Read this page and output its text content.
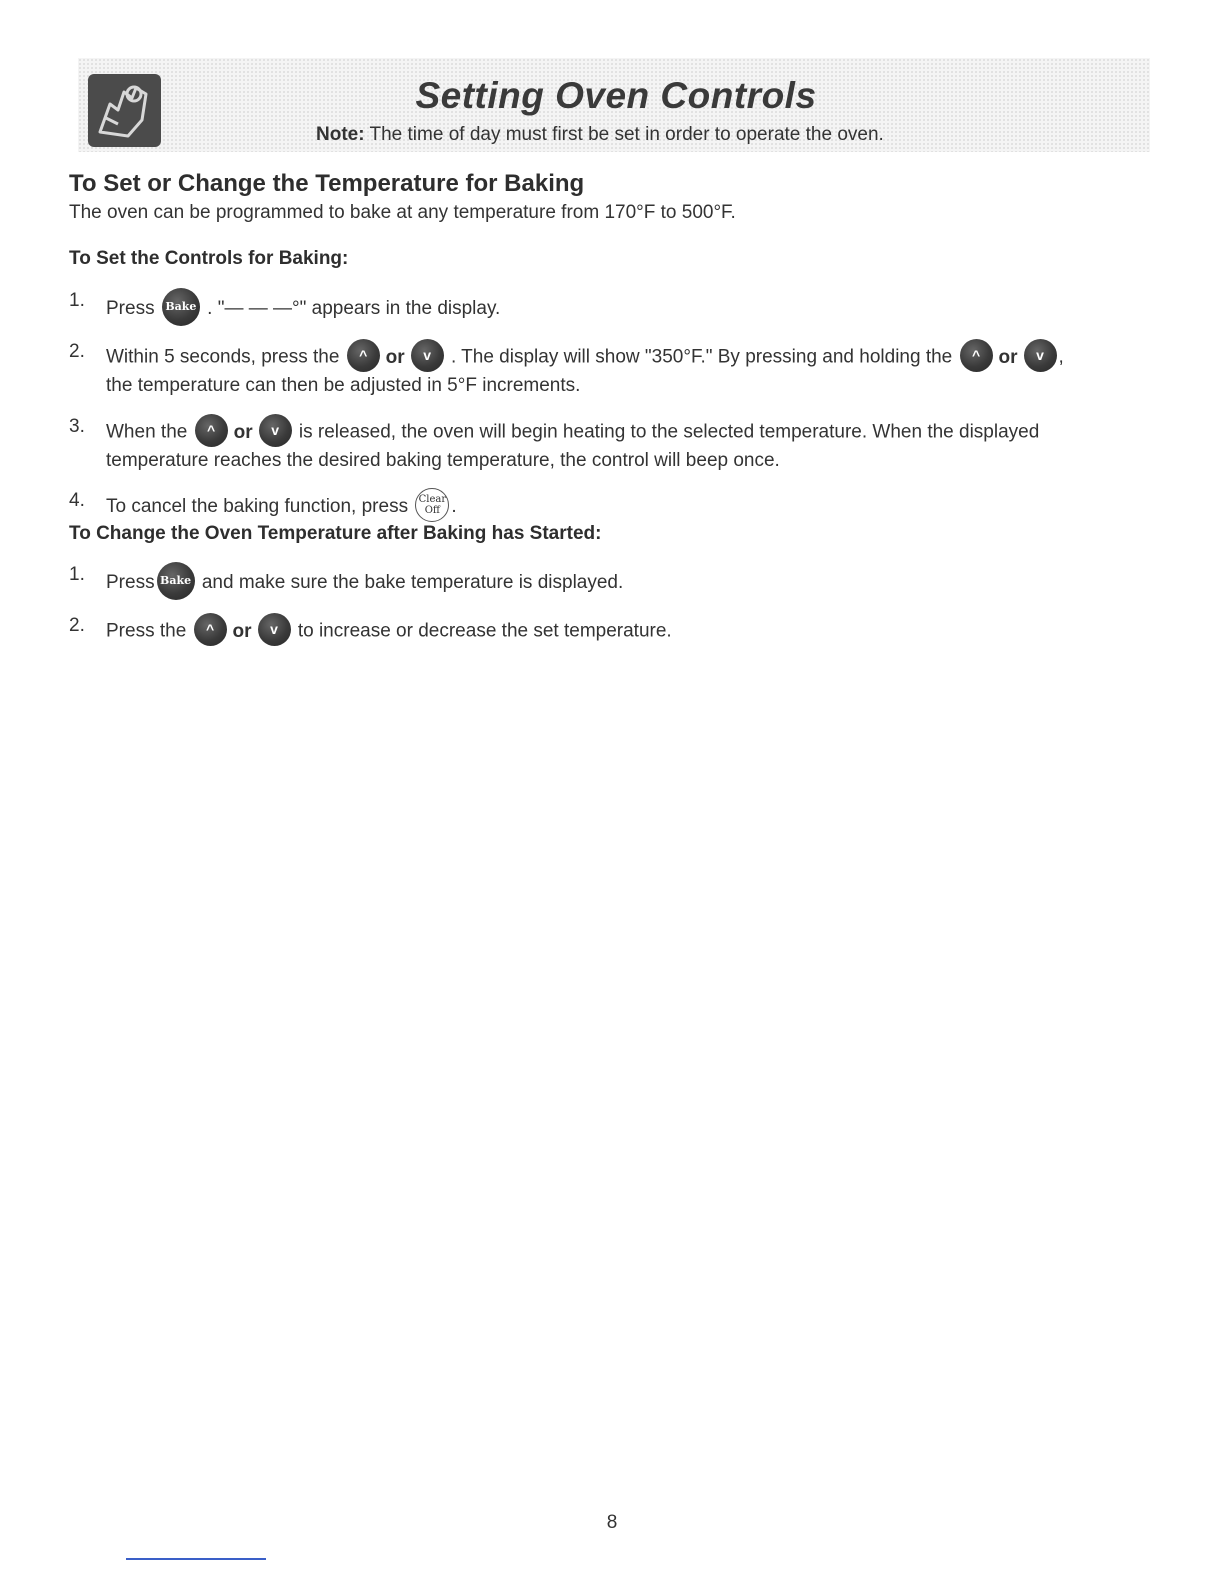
Setting Oven Controls
Note: The time of day must first be set in order to operate the oven.
To Set or Change the Temperature for Baking
The oven can be programmed to bake at any temperature from 170°F to 500°F.
To Set the Controls for Baking:
1. Press Bake . "— — —°" appears in the display.
2. Within 5 seconds, press the ^ or v . The display will show "350°F." By pressing and holding the ^ or v ,
the temperature can then be adjusted in 5°F increments.
3. When the ^ or v is released, the oven will begin heating to the selected temperature. When the displayed
temperature reaches the desired baking temperature, the control will beep once.
4. To cancel the baking function, press Clear
Off .
To Change the Oven Temperature after Baking has Started:
1. Press Bake and make sure the bake temperature is displayed.
2. Press the ^ or v to increase or decrease the set temperature.
8
